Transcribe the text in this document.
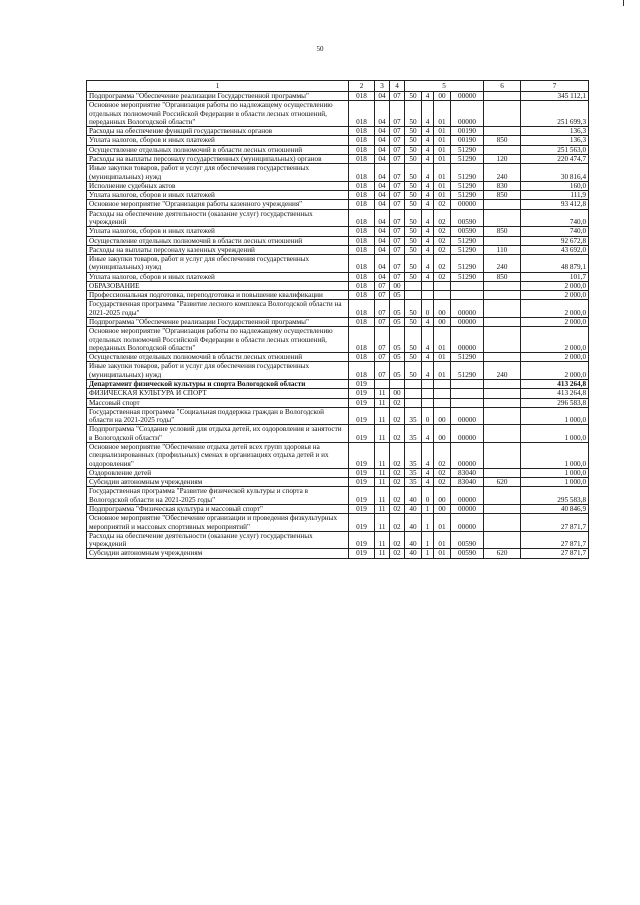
50
1	2	3	4	5				6	7
Подпрограмма "Обеспечение реализации Государственной программы"	018	04	07	50	4	00	00000		345 112,1
Основное мероприятие "Организация работы по надлежащему осуществлению отдельных полномочий Российской Федерации в области лесных отношений, переданных Вологодской области"	018	04	07	50	4	01	00000		251 699,3
Расходы на обеспечение функций государственных органов	018	04	07	50	4	01	00190		136,3
Уплата налогов, сборов и иных платежей	018	04	07	50	4	01	00190	850	136,3
Осуществление отдельных полномочий в области лесных отношений	018	04	07	50	4	01	51290		251 563,0
Расходы на выплаты персоналу государственных (муниципальных) органов	018	04	07	50	4	01	51290	120	220 474,7
Иные закупки товаров, работ и услуг для обеспечения государственных (муниципальных) нужд	018	04	07	50	4	01	51290	240	30 816,4
Исполнение судебных актов	018	04	07	50	4	01	51290	830	160,0
Уплата налогов, сборов и иных платежей	018	04	07	50	4	01	51290	850	111,9
Основное мероприятие "Организация работы казенного учреждения"	018	04	07	50	4	02	00000		93 412,8
Расходы на обеспечение деятельности (оказание услуг) государственных учреждений	018	04	07	50	4	02	00590		740,0
Уплата налогов, сборов и иных платежей	018	04	07	50	4	02	00590	850	740,0
Осуществление отдельных полномочий в области лесных отношений	018	04	07	50	4	02	51290		92 672,8
Расходы на выплаты персоналу казенных учреждений	018	04	07	50	4	02	51290	110	43 692,0
Иные закупки товаров, работ и услуг для обеспечения государственных (муниципальных) нужд	018	04	07	50	4	02	51290	240	48 879,1
Уплата налогов, сборов и иных платежей	018	04	07	50	4	02	51290	850	101,7
ОБРАЗОВАНИЕ	018	07	00						2 000,0
Профессиональная подготовка, переподготовка и повышение квалификации	018	07	05						2 000,0
Государственная программа "Развитие лесного комплекса Вологодской области на 2021-2025 годы"	018	07	05	50	0	00	00000		2 000,0
Подпрограмма "Обеспечение реализации Государственной программы"	018	07	05	50	4	00	00000		2 000,0
Основное мероприятие "Организация работы по надлежащему осуществлению отдельных полномочий Российской Федерации в области лесных отношений, переданных Вологодской области"	018	07	05	50	4	01	00000		2 000,0
Осуществление отдельных полномочий в области лесных отношений	018	07	05	50	4	01	51290		2 000,0
Иные закупки товаров, работ и услуг для обеспечения государственных (муниципальных) нужд	018	07	05	50	4	01	51290	240	2 000,0
Департамент физической культуры и спорта Вологодской области	019								413 264,8
ФИЗИЧЕСКАЯ КУЛЬТУРА И СПОРТ	019	11	00						413 264,8
Массовый спорт	019	11	02						296 583,8
Государственная программа "Социальная поддержка граждан в Вологодской области на 2021-2025 годы"	019	11	02	35	0	00	00000		1 000,0
Подпрограмма "Создание условий для отдыха детей, их оздоровления и занятости в Вологодской области"	019	11	02	35	4	00	00000		1 000,0
Основное мероприятие "Обеспечение отдыха детей всех групп здоровья на специализированных (профильных) сменах в организациях отдыха детей и их оздоровления"	019	11	02	35	4	02	00000		1 000,0
Оздоровление детей	019	11	02	35	4	02	83040		1 000,0
Субсидии автономным учреждениям	019	11	02	35	4	02	83040	620	1 000,0
Государственная программа "Развитие физической культуры и спорта в Вологодской области на 2021-2025 годы"	019	11	02	40	0	00	00000		295 583,8
Подпрограмма "Физическая культура и массовый спорт"	019	11	02	40	1	00	00000		40 846,9
Основное мероприятие "Обеспечение организации и проведения физкультурных мероприятий и массовых спортивных мероприятий"	019	11	02	40	1	01	00000		27 871,7
Расходы на обеспечение деятельности (оказание услуг) государственных учреждений	019	11	02	40	1	01	00590		27 871,7
Субсидии автономным учреждениям	019	11	02	40	1	01	00590	620	27 871,7
